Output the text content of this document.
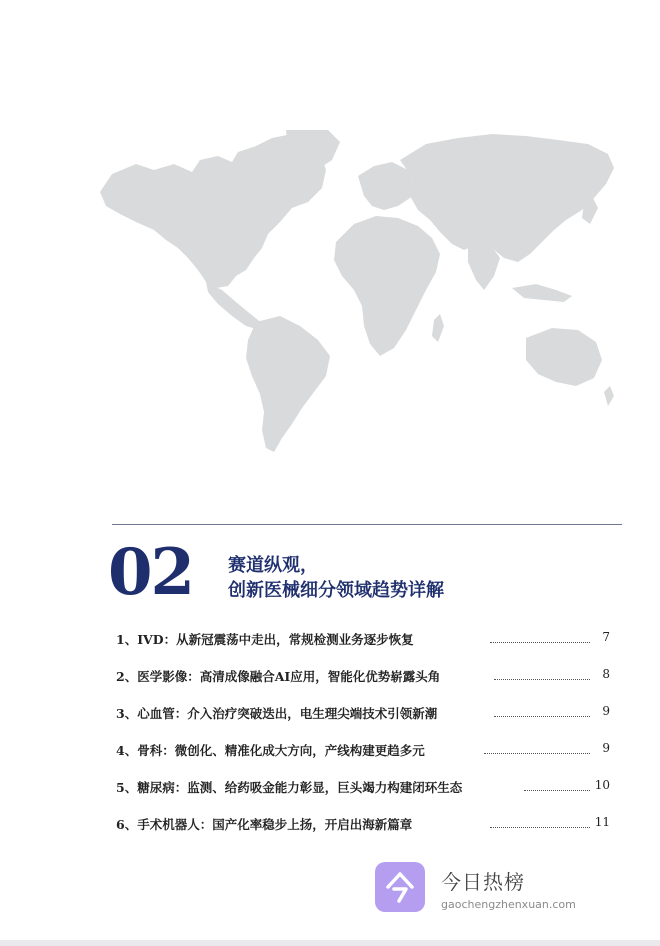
02 赛道纵观，
创新医械细分领域趋势详解
1、IVD：从新冠震荡中走出，常规检测业务逐步恢复	7
2、医学影像：高清成像融合AI应用，智能化优势崭露头角	8
3、心血管：介入治疗突破迭出，电生理尖端技术引领新潮	9
4、骨科：微创化、精准化成大方向，产线构建更趋多元	9
5、糖尿病：监测、给药吸金能力彰显，巨头竭力构建闭环生态	10
6、手术机器人：国产化率稳步上扬，开启出海新篇章	11
今日热榜
gaochengzhenxuan.com
